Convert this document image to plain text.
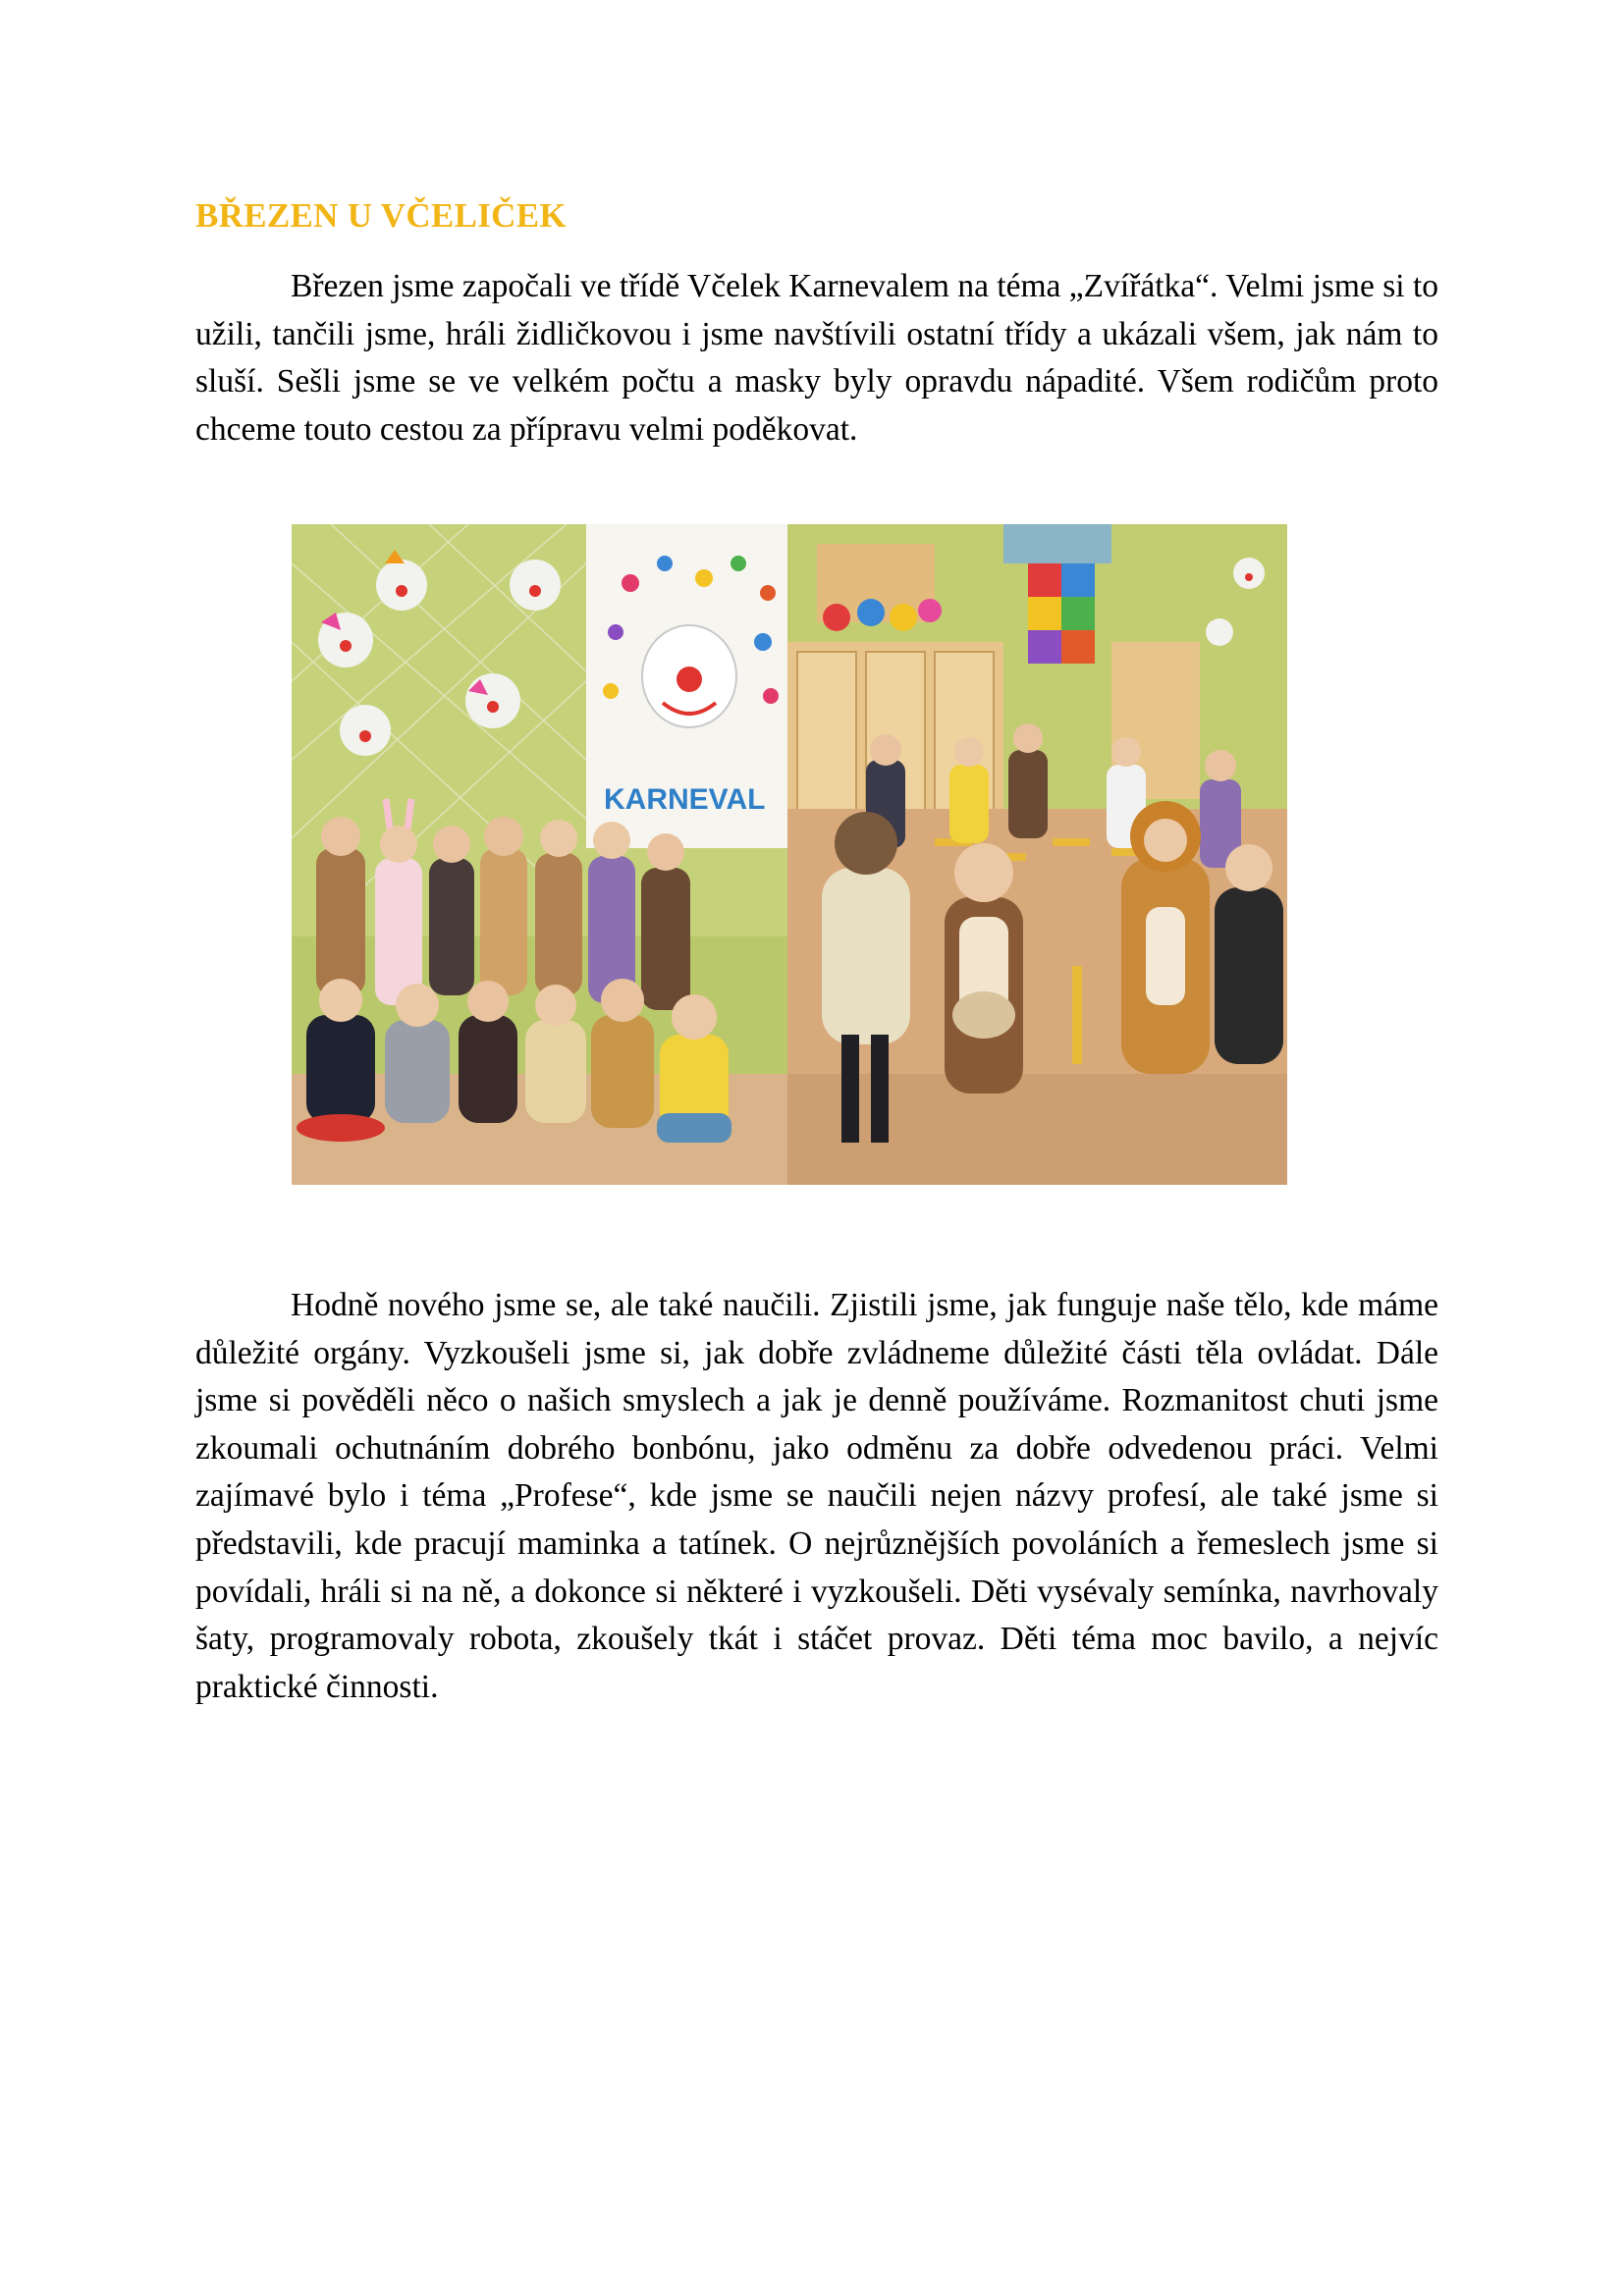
BŘEZEN U VČELIČEK

Březen jsme započali ve třídě Včelek Karnevalem na téma „Zvířátka“. Velmi jsme si to užili, tančili jsme, hráli židličkovou i jsme navštívili ostatní třídy a ukázali všem, jak nám to sluší. Sešli jsme se ve velkém počtu a masky byly opravdu nápadité. Všem rodičům proto chceme touto cestou za přípravu velmi poděkovat.

KARNEVAL

Hodně nového jsme se, ale také naučili. Zjistili jsme, jak funguje naše tělo, kde máme důležité orgány. Vyzkoušeli jsme si, jak dobře zvládneme důležité části těla ovládat. Dále jsme si pověděli něco o našich smyslech a jak je denně používáme. Rozmanitost chuti jsme zkoumali ochutnáním dobrého bonbónu, jako odměnu za dobře odvedenou práci. Velmi zajímavé bylo i téma „Profese“, kde jsme se naučili nejen názvy profesí, ale také jsme si představili, kde pracují maminka a tatínek. O nejrůznějších povoláních a řemeslech jsme si povídali, hráli si na ně, a dokonce si některé i vyzkoušeli. Děti vysévaly semínka, navrhovaly šaty, programovaly robota, zkoušely tkát i stáčet provaz. Děti téma moc bavilo, a nejvíc praktické činnosti.
